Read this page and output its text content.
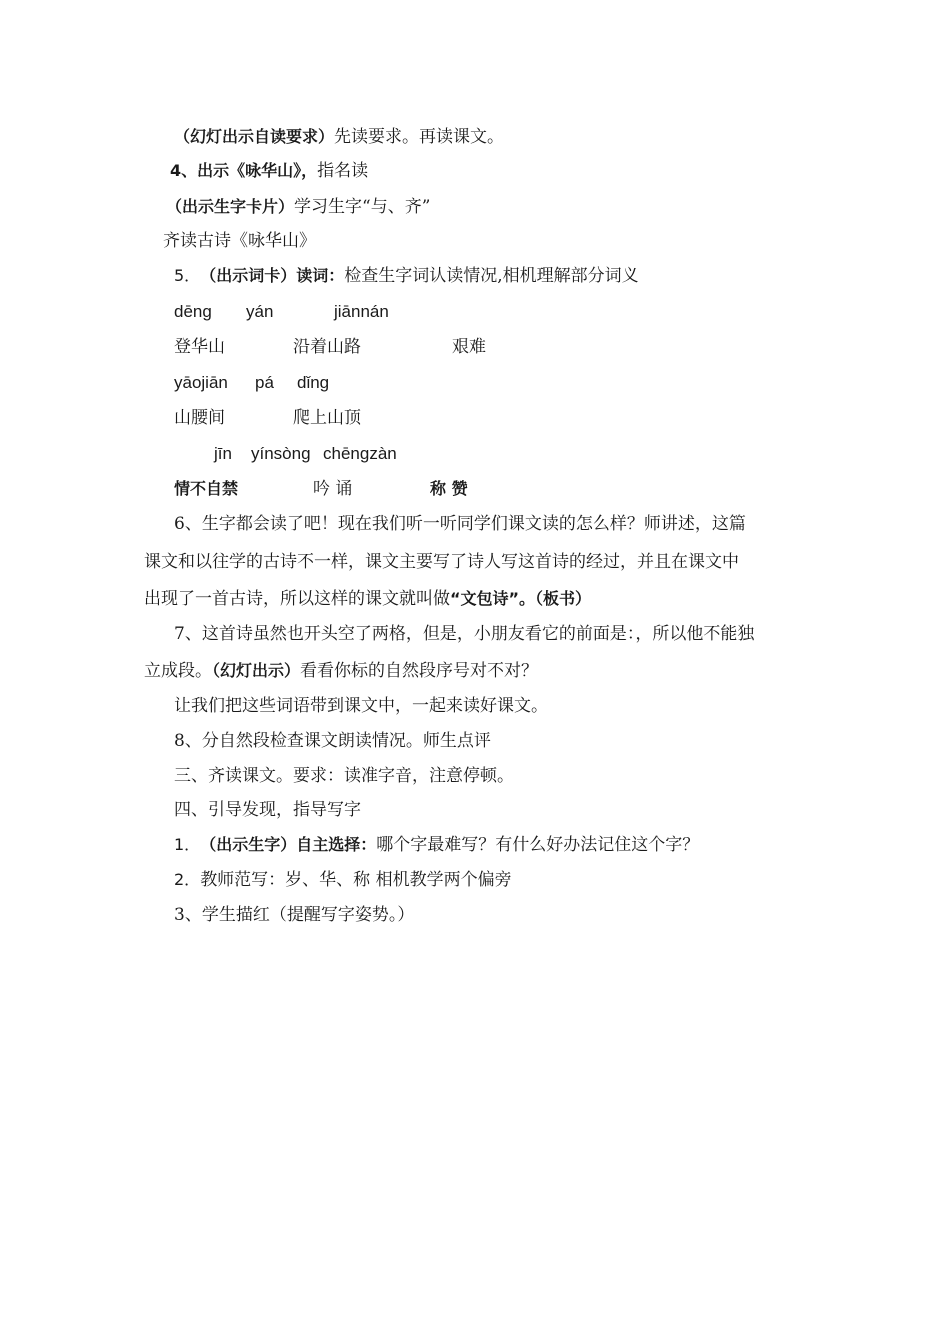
（幻灯出示自读要求）先读要求。再读课文。
4、出示《咏华山》，指名读
（出示生字卡片）学习生字“与、齐”
齐读古诗《咏华山》
5． （出示词卡）读词：检查生字词认读情况,相机理解部分词义
dēnɡ yán	jiānnán
登华山	沿着山路	艰难
yāojiān pá dǐnɡ
山腰间	爬上山顶
jīn yínsònɡ chēnɡzàn
情不自禁	吟 诵	称 赞
6、生字都会读了吧！现在我们听一听同学们课文读的怎么样？师讲述，这篇
课文和以往学的古诗不一样，课文主要写了诗人写这首诗的经过，并且在课文中
出现了一首古诗，所以这样的课文就叫做“文包诗”。（板书）
7、这首诗虽然也开头空了两格，但是，小朋友看它的前面是：，所以他不能独
立成段。（幻灯出示）看看你标的自然段序号对不对？
让我们把这些词语带到课文中，一起来读好课文。
8、分自然段检查课文朗读情况。师生点评
三、齐读课文。要求：读准字音，注意停顿。
四、引导发现，指导写字
1． （出示生字）自主选择：哪个字最难写？有什么好办法记住这个字？
2．教师范写：岁、华、称 相机教学两个偏旁
3、学生描红（提醒写字姿势。）
